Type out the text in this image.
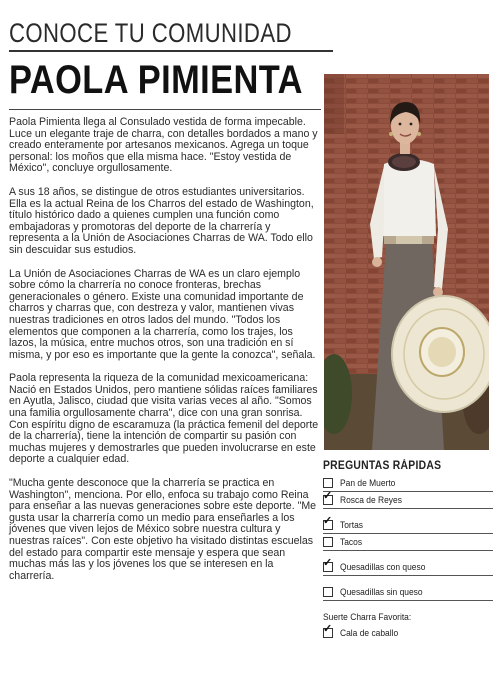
CONOCE TU COMUNIDAD
PAOLA PIMIENTA

Paola Pimienta llega al Consulado vestida de forma impecable. Luce un elegante traje de charra, con detalles bordados a mano y creado enteramente por artesanos mexicanos. Agrega un toque personal: los moños que ella misma hace. "Estoy vestida de México", concluye orgullosamente.

A sus 18 años, se distingue de otros estudiantes universitarios. Ella es la actual Reina de los Charros del estado de Washington, título histórico dado a quienes cumplen una función como embajadoras y promotoras del deporte de la charrería y representa a la Unión de Asociaciones Charras de WA. Todo ello sin descuidar sus estudios.

La Unión de Asociaciones Charras de WA es un claro ejemplo sobre cómo la charrería no conoce fronteras, brechas generacionales o género. Existe una comunidad importante de charros y charras que, con destreza y valor, mantienen vivas nuestras tradiciones en otros lados del mundo. "Todos los elementos que componen a la charrería, como los trajes, los lazos, la música, entre muchos otros, son una tradición en sí misma, y por eso es importante que la gente la conozca", señala.

Paola representa la riqueza de la comunidad mexicoamericana: Nació en Estados Unidos, pero mantiene sólidas raíces familiares en Ayutla, Jalisco, ciudad que visita varias veces al año. "Somos una familia orgullosamente charra", dice con una gran sonrisa. Con espíritu digno de escaramuza (la práctica femenil del deporte de la charrería), tiene la intención de compartir su pasión con muchas mujeres y demostrarles que pueden involucrarse en este deporte a cualquier edad.

"Mucha gente desconoce que la charrería se practica en Washington", menciona. Por ello, enfoca su trabajo como Reina para enseñar a las nuevas generaciones sobre este deporte. "Me gusta usar la charrería como un medio para enseñarles a los jóvenes que viven lejos de México sobre nuestra cultura y nuestras raíces". Con este objetivo ha visitado distintas escuelas del estado para compartir este mensaje y espera que sean muchas más las y los jóvenes los que se interesen en la charrería.

PREGUNTAS RÁPIDAS
Pan de Muerto
✓ Rosca de Reyes
✓ Tortas
Tacos
✓ Quesadillas con queso
Quesadillas sin queso
Suerte Charra Favorita:
✓ Cala de caballo
